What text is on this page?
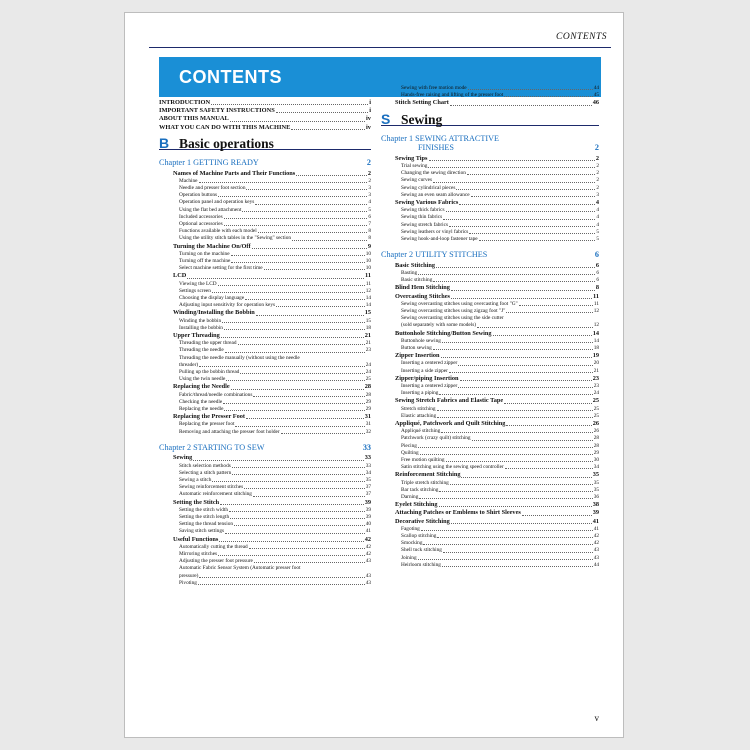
CONTENTS
CONTENTS
INTRODUCTION	i
IMPORTANT SAFETY INSTRUCTIONS	i
ABOUT THIS MANUAL	iv
WHAT YOU CAN DO WITH THIS MACHINE	iv
B Basic operations
Chapter 1 GETTING READY	2
Names of Machine Parts and Their Functions	2
Machine	2
Needle and presser foot section	3
Operation buttons	3
Operation panel and operation keys	4
Using the flat bed attachment	5
Included accessories	6
Optional accessories	7
Functions available with each model	8
Using the utility stitch tables in the "Sewing" section	8
Turning the Machine On/Off	9
Turning on the machine	10
Turning off the machine	10
Select machine setting for the first time	10
LCD	11
Viewing the LCD	11
Settings screen	12
Choosing the display language	14
Adjusting input sensitivity for operation keys	14
Winding/Installing the Bobbin	15
Winding the bobbin	15
Installing the bobbin	18
Upper Threading	21
Threading the upper thread	21
Threading the needle	23
Threading the needle manually (without using the needle
threader)	24
Pulling up the bobbin thread	24
Using the twin needle	25
Replacing the Needle	28
Fabric/thread/needle combinations	28
Checking the needle	29
Replacing the needle	29
Replacing the Presser Foot	31
Replacing the presser foot	31
Removing and attaching the presser foot holder	32
Chapter 2 STARTING TO SEW	33
Sewing	33
Stitch selection methods	33
Selecting a stitch pattern	34
Sewing a stitch	35
Sewing reinforcement stitches	37
Automatic reinforcement stitching	37
Setting the Stitch	39
Setting the stitch width	39
Setting the stitch length	39
Setting the thread tension	40
Saving stitch settings	41
Useful Functions	42
Automatically cutting the thread	42
Mirroring stitches	42
Adjusting the presser foot pressure	43
Automatic Fabric Sensor System (Automatic presser foot
pressure)	43
Pivoting	43
Sewing with free motion mode	44
Hands-free raising and lifting of the presser foot	45
Stitch Setting Chart	46
S Sewing
Chapter 1 SEWING ATTRACTIVE
FINISHES	2
Sewing Tips	2
Trial sewing	2
Changing the sewing direction	2
Sewing curves	2
Sewing cylindrical pieces	2
Sewing an even seam allowance	3
Sewing Various Fabrics	4
Sewing thick fabrics	4
Sewing thin fabrics	4
Sewing stretch fabrics	4
Sewing leathers or vinyl fabrics	5
Sewing hook-and-loop fastener tape	5
Chapter 2 UTILITY STITCHES	6
Basic Stitching	6
Basting	6
Basic stitching	6
Blind Hem Stitching	8
Overcasting Stitches	11
Sewing overcasting stitches using overcasting foot "G"	11
Sewing overcasting stitches using zigzag foot "J"	12
Sewing overcasting stitches using the side cutter
(sold separately with some models)	12
Buttonhole Stitching/Button Sewing	14
Buttonhole sewing	14
Button sewing	18
Zipper Insertion	19
Inserting a centered zipper	20
Inserting a side zipper	21
Zipper/piping Insertion	23
Inserting a centered zipper	23
Inserting a piping	24
Sewing Stretch Fabrics and Elastic Tape	25
Stretch stitching	25
Elastic attaching	25
Appliqué, Patchwork and Quilt Stitching	26
Appliqué stitching	26
Patchwork (crazy quilt) stitching	28
Piecing	28
Quilting	29
Free motion quilting	30
Satin stitching using the sewing speed controller	34
Reinforcement Stitching	35
Triple stretch stitching	35
Bar tack stitching	35
Darning	36
Eyelet Stitching	38
Attaching Patches or Emblems to Shirt Sleeves	39
Decorative Stitching	41
Fagoting	41
Scallop stitching	42
Smocking	42
Shell tuck stitching	43
Joining	43
Heirloom stitching	44
v
